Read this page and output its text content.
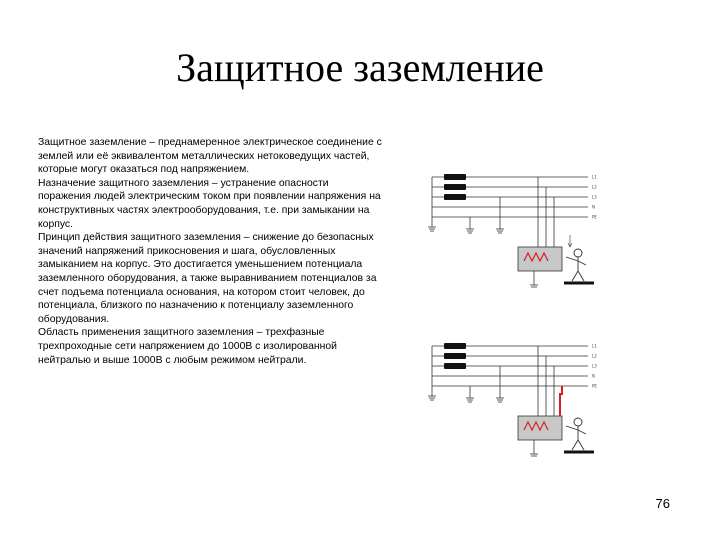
Защитное заземление

Защитное заземление – преднамеренное электрическое соединение с землей или её эквивалентом металлических нетоковедущих частей, которые могут оказаться под напряжением.

Назначение защитного заземления – устранение опасности поражения людей электрическим током при появлении напряжения на конструктивных частях электрооборудования, т.е. при замыкании на корпус.

Принцип действия защитного заземления – снижение до безопасных значений напряжений прикосновения и шага, обусловленных замыканием на корпус. Это достигается уменьшением потенциала заземленного оборудования, а также выравниванием потенциалов за счет подъема потенциала основания, на котором стоит человек, до потенциала, близкого по назначению к потенциалу заземленного оборудования.

Область применения защитного заземления – трехфазные трехпроходные сети напряжением до 1000В с изолированной нейтралью и выше 1000В с любым режимом нейтрали.

L1
L2
L3
N
PE
L1
L2
L3
N
PE
76
